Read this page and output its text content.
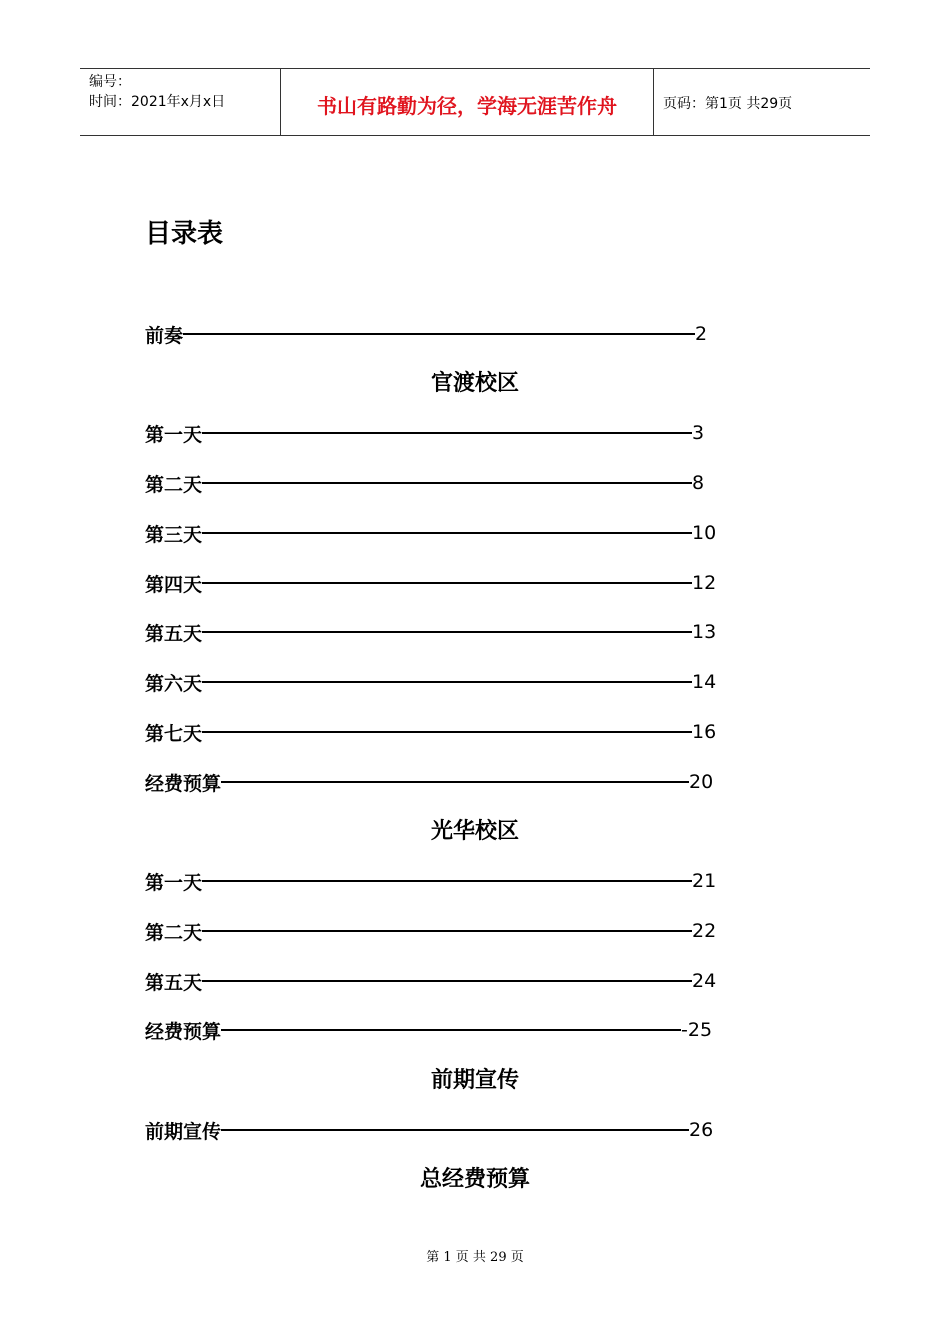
编号：
时间：2021年x月x日	书山有路勤为径，学海无涯苦作舟	页码：第1页 共29页
目录表
前奏	2
官渡校区
第一天	3
第二天	8
第三天	10
第四天	12
第五天	13
第六天	14
第七天	16
经费预算	20
光华校区
第一天	21
第二天	22
第五天	24
经费预算	-25
前期宣传
前期宣传	26
总经费预算
第 1 页 共 29 页
